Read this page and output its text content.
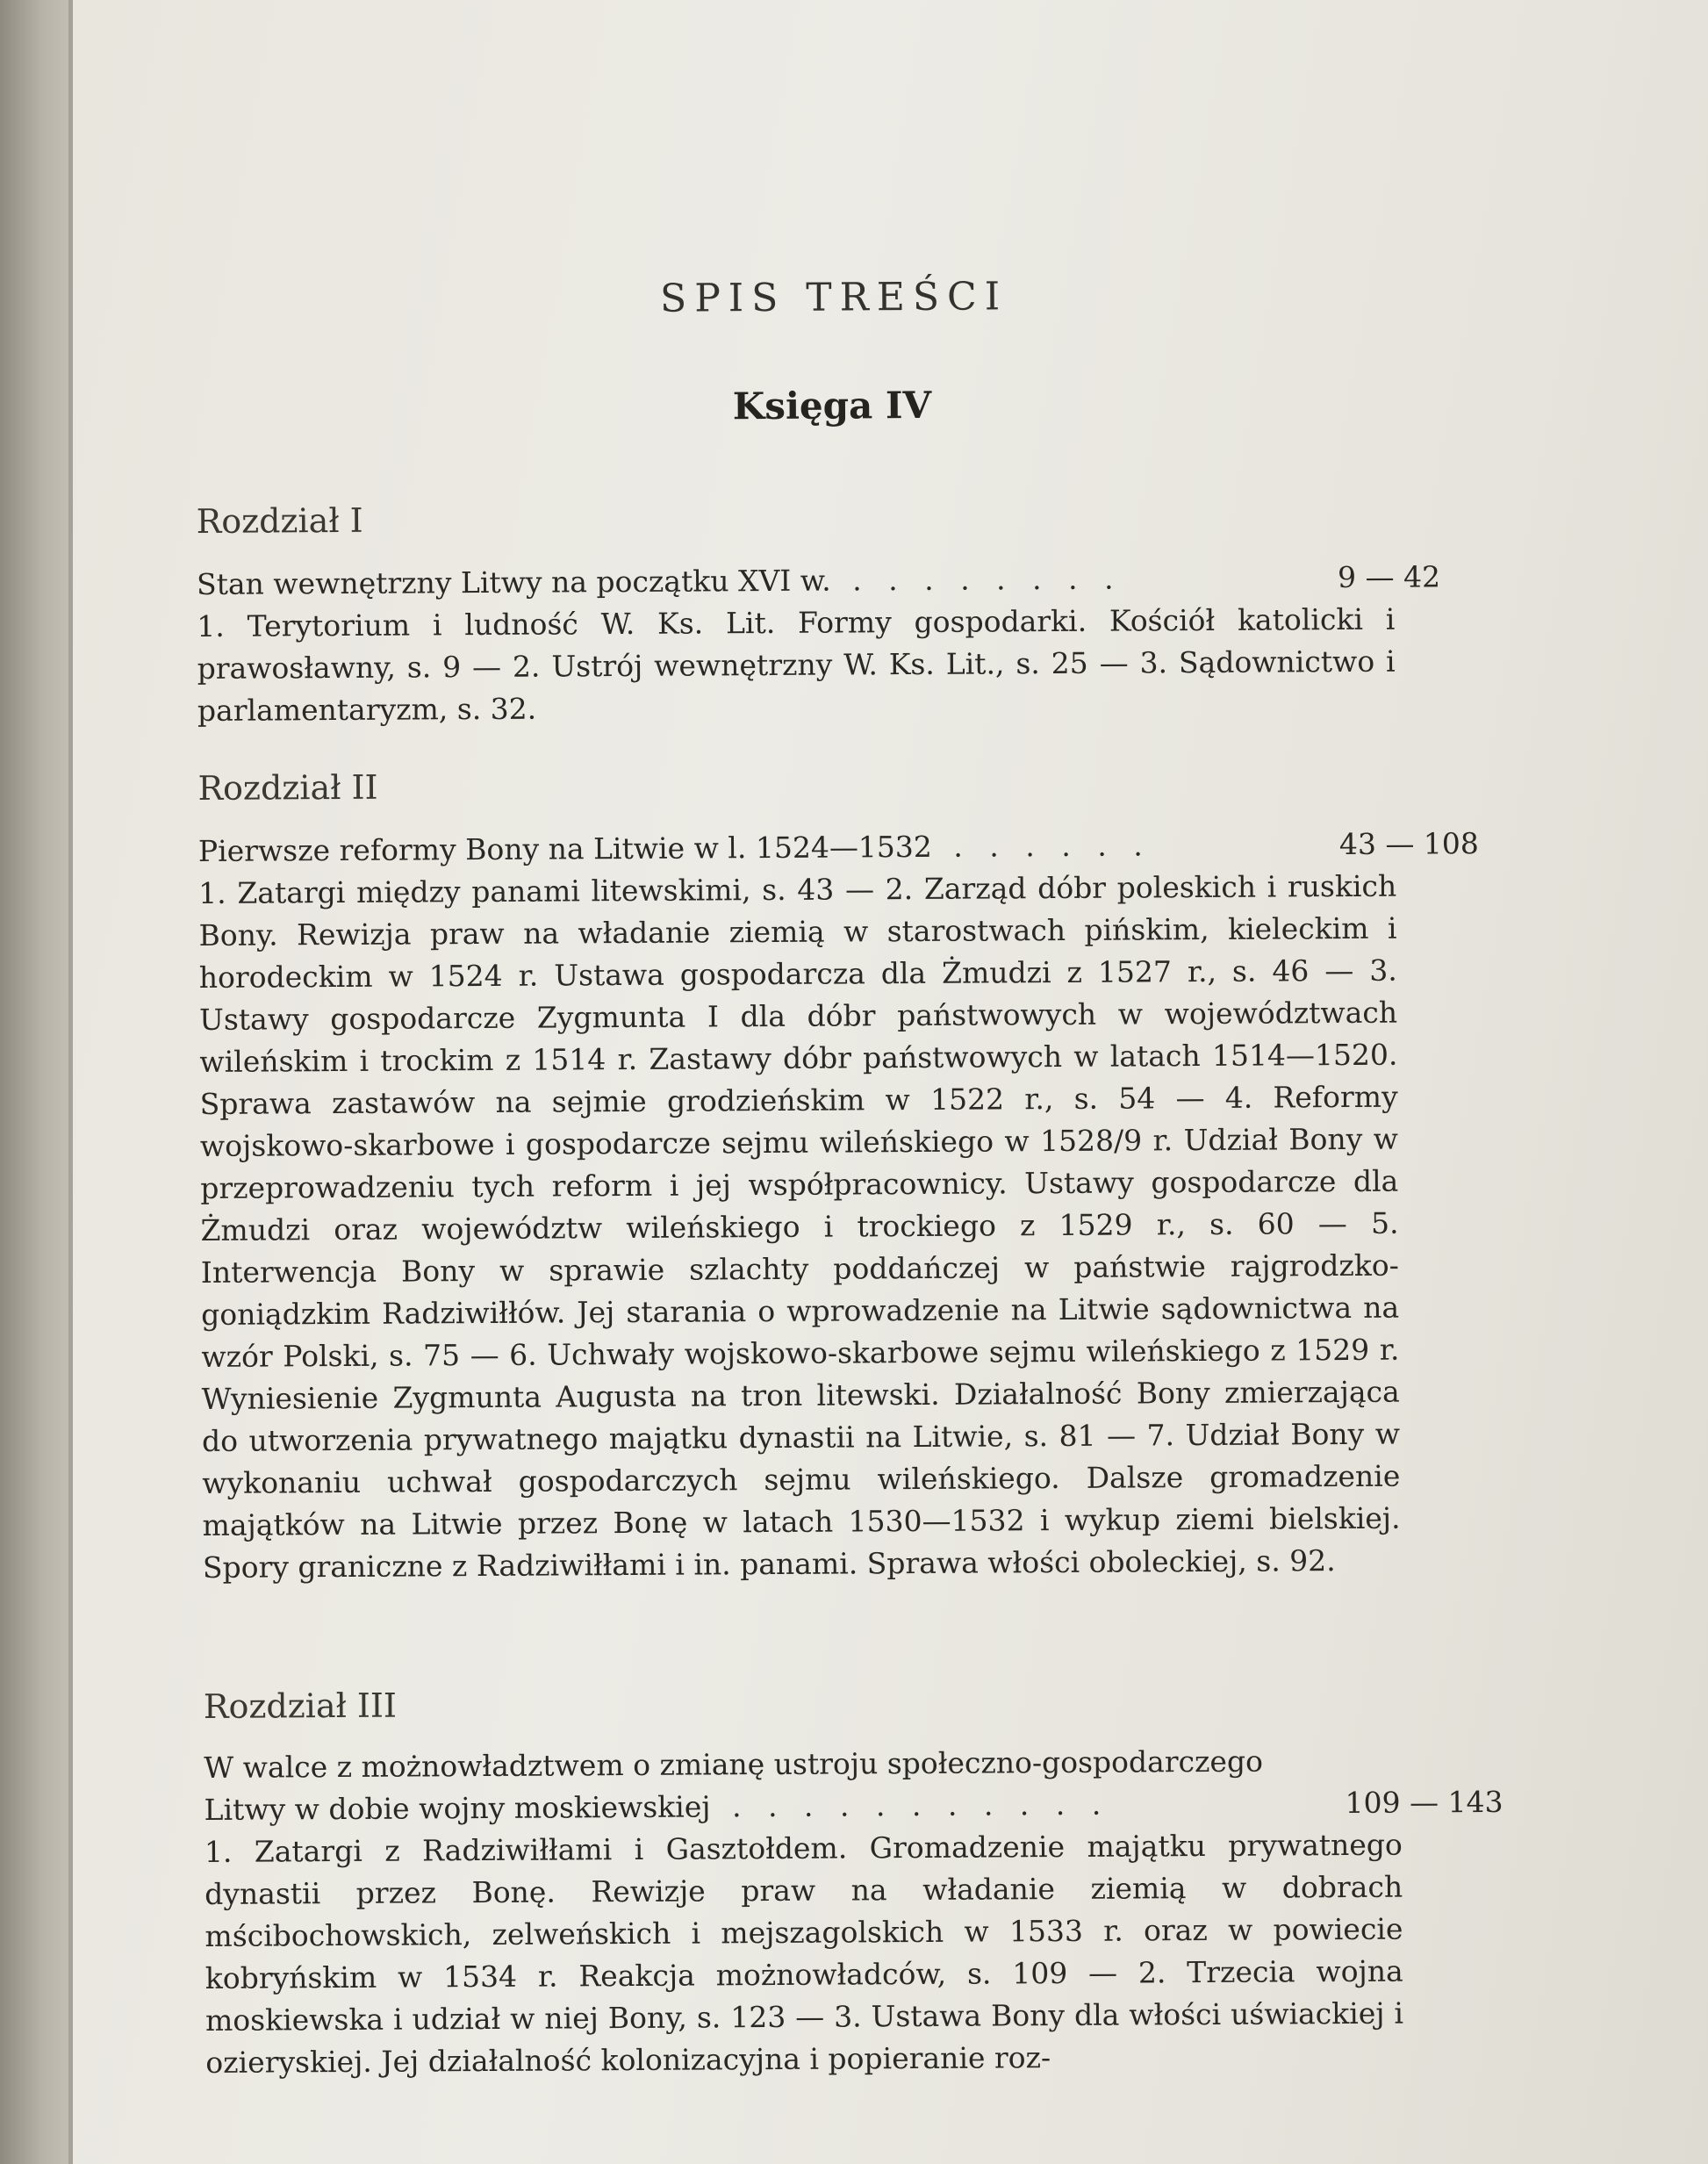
SPIS TREŚCI
Księga IV
Rozdział I
Stan wewnętrzny Litwy na początku XVI w. . . . . . . . .	9 — 42

1. Terytorium i ludność W. Ks. Lit. Formy gospodarki. Kościół katolicki i prawosławny, s. 9 — 2. Ustrój wewnętrzny W. Ks. Lit., s. 25 — 3. Sądownictwo i parlamentaryzm, s. 32.

Rozdział II
Pierwsze reformy Bony na Litwie w l. 1524—1532 . . . . . .	43 — 108

1. Zatargi między panami litewskimi, s. 43 — 2. Zarząd dóbr poleskich i ruskich Bony. Rewizja praw na władanie ziemią w starostwach pińskim, kieleckim i horodeckim w 1524 r. Ustawa gospodarcza dla Żmudzi z 1527 r., s. 46 — 3. Ustawy gospodarcze Zygmunta I dla dóbr państwowych w województwach wileńskim i trockim z 1514 r. Zastawy dóbr państwowych w latach 1514—1520. Sprawa zastawów na sejmie grodzieńskim w 1522 r., s. 54 — 4. Reformy wojskowo-skarbowe i gospodarcze sejmu wileńskiego w 1528/9 r. Udział Bony w przeprowadzeniu tych reform i jej współpracownicy. Ustawy gospodarcze dla Żmudzi oraz województw wileńskiego i trockiego z 1529 r., s. 60 — 5. Interwencja Bony w sprawie szlachty poddańczej w państwie rajgrodzko-goniądzkim Radziwiłłów. Jej starania o wprowadzenie na Litwie sądownictwa na wzór Polski, s. 75 — 6. Uchwały wojskowo-skarbowe sejmu wileńskiego z 1529 r. Wyniesienie Zygmunta Augusta na tron litewski. Działalność Bony zmierzająca do utworzenia prywatnego majątku dynastii na Litwie, s. 81 — 7. Udział Bony w wykonaniu uchwał gospodarczych sejmu wileńskiego. Dalsze gromadzenie majątków na Litwie przez Bonę w latach 1530—1532 i wykup ziemi bielskiej. Spory graniczne z Radziwiłłami i in. panami. Sprawa włości oboleckiej, s. 92.

Rozdział III
W walce z możnowładztwem o zmianę ustroju społeczno-gospodarczego
Litwy w dobie wojny moskiewskiej . . . . . . . . . . .	109 — 143

1. Zatargi z Radziwiłłami i Gasztołdem. Gromadzenie majątku prywatnego dynastii przez Bonę. Rewizje praw na władanie ziemią w dobrach mścibochowskich, zelweńskich i mejszagolskich w 1533 r. oraz w powiecie kobryńskim w 1534 r. Reakcja możnowładców, s. 109 — 2. Trzecia wojna moskiewska i udział w niej Bony, s. 123 — 3. Ustawa Bony dla włości uświackiej i ozieryskiej. Jej działalność kolonizacyjna i popieranie roz-
